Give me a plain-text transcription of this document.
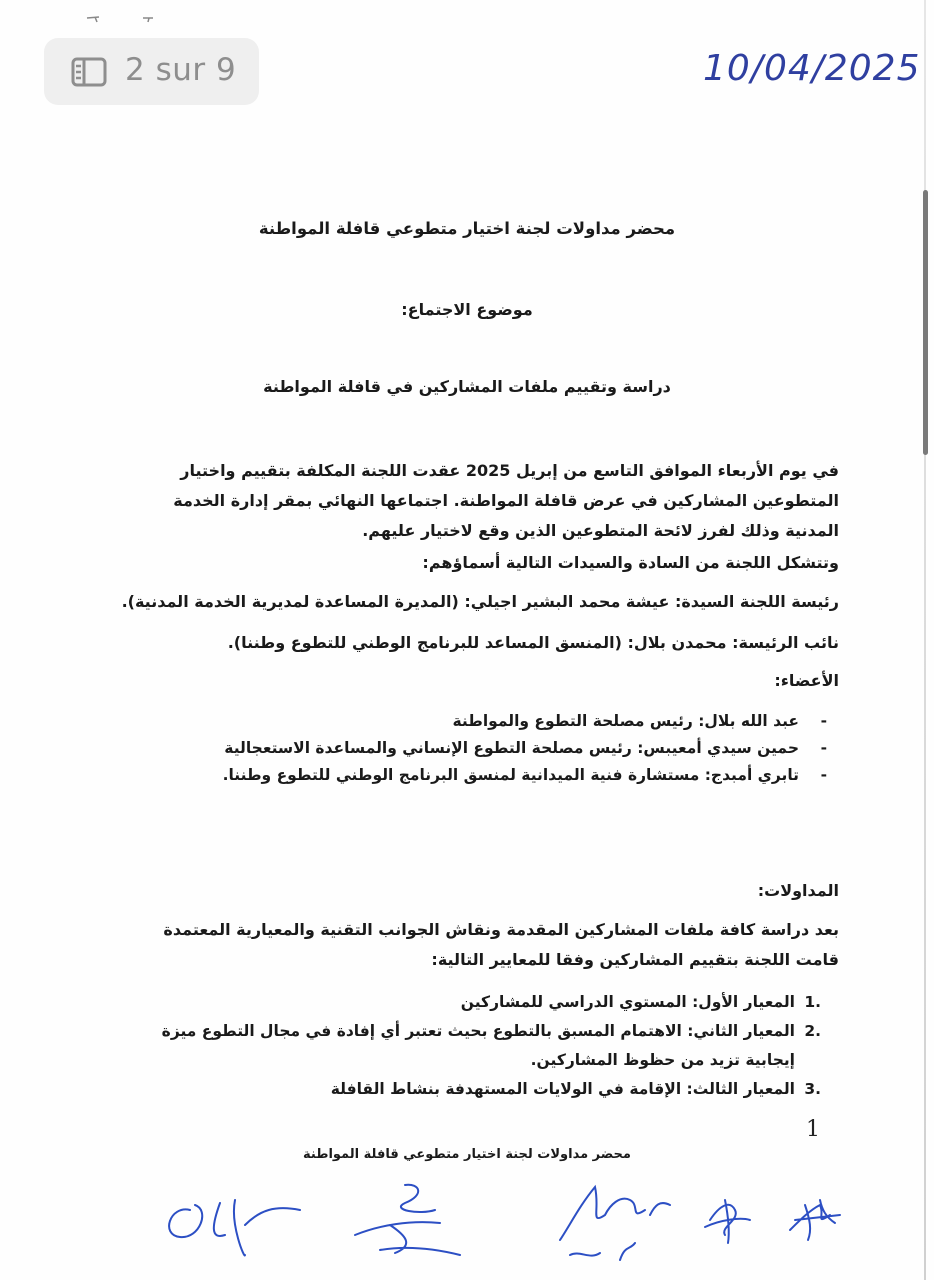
2 sur 9	10/04/2025
محضر مداولات لجنة اختيار متطوعي قافلة المواطنة
موضوع الاجتماع:
دراسة وتقييم ملفات المشاركين في قافلة المواطنة
في يوم الأربعاء الموافق التاسع من إبريل 2025 عقدت اللجنة المكلفة بتقييم واختيار المتطوعين المشاركين في عرض قافلة المواطنة. اجتماعها النهائي بمقر إدارة الخدمة المدنية وذلك لفرز لائحة المتطوعين الذين وقع لاختيار عليهم.
وتتشكل اللجنة من السادة والسيدات التالية أسماؤهم:
رئيسة اللجنة السيدة: عيشة محمد البشير اجيلي: (المديرة المساعدة لمديرية الخدمة المدنية).
نائب الرئيسة: محمدن بلال: (المنسق المساعد للبرنامج الوطني للتطوع وطننا).
الأعضاء:
- عبد الله بلال: رئيس مصلحة التطوع والمواطنة
- حمين سيدي أمعيبس: رئيس مصلحة التطوع الإنساني والمساعدة الاستعجالية
- تابري أمبدج: مستشارة فنية الميدانية لمنسق البرنامج الوطني للتطوع وطننا.
المداولات:
بعد دراسة كافة ملفات المشاركين المقدمة ونقاش الجوانب التقنية والمعيارية المعتمدة قامت اللجنة بتقييم المشاركين وفقا للمعايير التالية:
1.
المعيار الأول: المستوي الدراسي للمشاركين
2.
المعيار الثاني: الاهتمام المسبق بالتطوع بحيث تعتبر أي إفادة في مجال التطوع ميزة إيجابية تزيد من حظوظ المشاركين.
3.
المعيار الثالث: الإقامة في الولايات المستهدفة بنشاط القافلة
1
محضر مداولات لجنة اختيار متطوعي قافلة المواطنة
